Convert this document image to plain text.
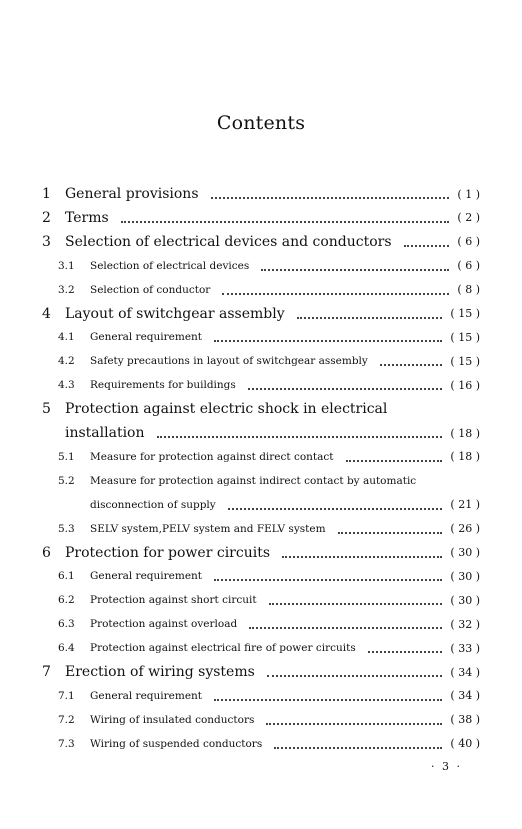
Contents
1 General provisions	( 1 )
2 Terms	( 2 )
3 Selection of electrical devices and conductors	( 6 )
3.1 Selection of electrical devices	( 6 )
3.2 Selection of conductor	( 8 )
4 Layout of switchgear assembly	( 15 )
4.1 General requirement	( 15 )
4.2 Safety precautions in layout of switchgear assembly	( 15 )
4.3 Requirements for buildings	( 16 )
5 Protection against electric shock in electrical
installation	( 18 )
5.1 Measure for protection against direct contact	( 18 )
5.2 Measure for protection against indirect contact by automatic
disconnection of supply	( 21 )
5.3 SELV system,PELV system and FELV system	( 26 )
6 Protection for power circuits	( 30 )
6.1 General requirement	( 30 )
6.2 Protection against short circuit	( 30 )
6.3 Protection against overload	( 32 )
6.4 Protection against electrical fire of power circuits	( 33 )
7 Erection of wiring systems	( 34 )
7.1 General requirement	( 34 )
7.2 Wiring of insulated conductors	( 38 )
7.3 Wiring of suspended conductors	( 40 )
· 3 ·
